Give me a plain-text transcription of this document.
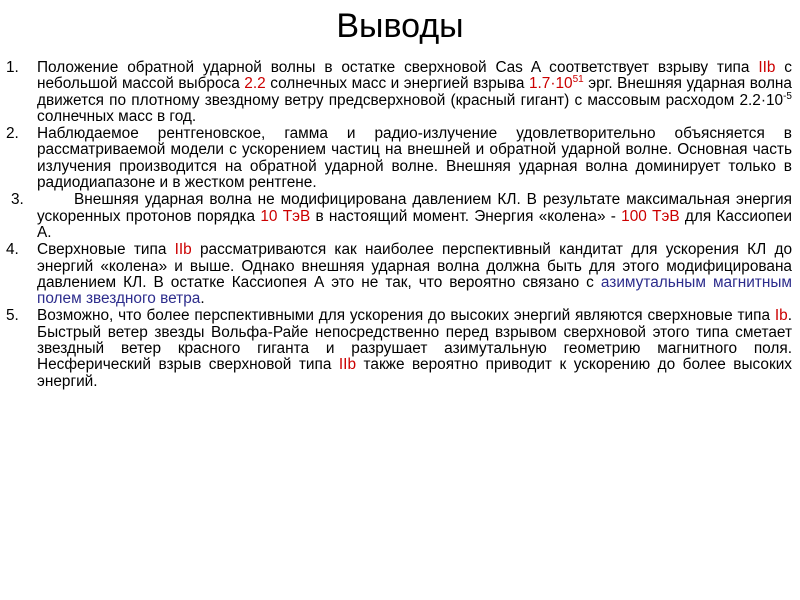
Выводы
1. Положение обратной ударной волны в остатке сверхновой Cas A соответствует взрыву типа IIb с небольшой массой выброса 2.2 солнечных масс и энергией взрыва $1.7\cdot 10^{51}$ эрг. Внешняя ударная волна движется по плотному звездному ветру предсверхновой (красный гигант) с массовым расходом $2.2\cdot 10^{-5}$ солнечных масс в год.
2. Наблюдаемое рентгеновское, гамма и радио-излучение удовлетворительно объясняется в рассматриваемой модели с ускорением частиц на внешней и обратной ударной волне. Основная часть излучения производится на обратной ударной волне. Внешняя ударная волна доминирует только в радиодиапазоне и в жестком рентгене.
3.	Внешняя ударная волна не модифицирована давлением КЛ. В результате максимальная энергия ускоренных протонов порядка 10 ТэВ в настоящий момент. Энергия «колена» - 100 ТэВ для Кассиопеи А.
4. Сверхновые типа IIb рассматриваются как наиболее перспективный кандитат для ускорения КЛ до энергий «колена» и выше. Однако внешняя ударная волна должна быть для этого модифицирована давлением КЛ. В остатке Кассиопея А это не так, что вероятно связано с азимутальным магнитным полем звездного ветра.
5. Возможно, что более перспективными для ускорения до высоких энергий являются сверхновые типа Ib. Быстрый ветер звезды Вольфа-Райе непосредственно перед взрывом сверхновой этого типа сметает звездный ветер красного гиганта и разрушает азимутальную геометрию магнитного поля. Несферический взрыв сверхновой типа IIb также вероятно приводит к ускорению до более высоких энергий.
